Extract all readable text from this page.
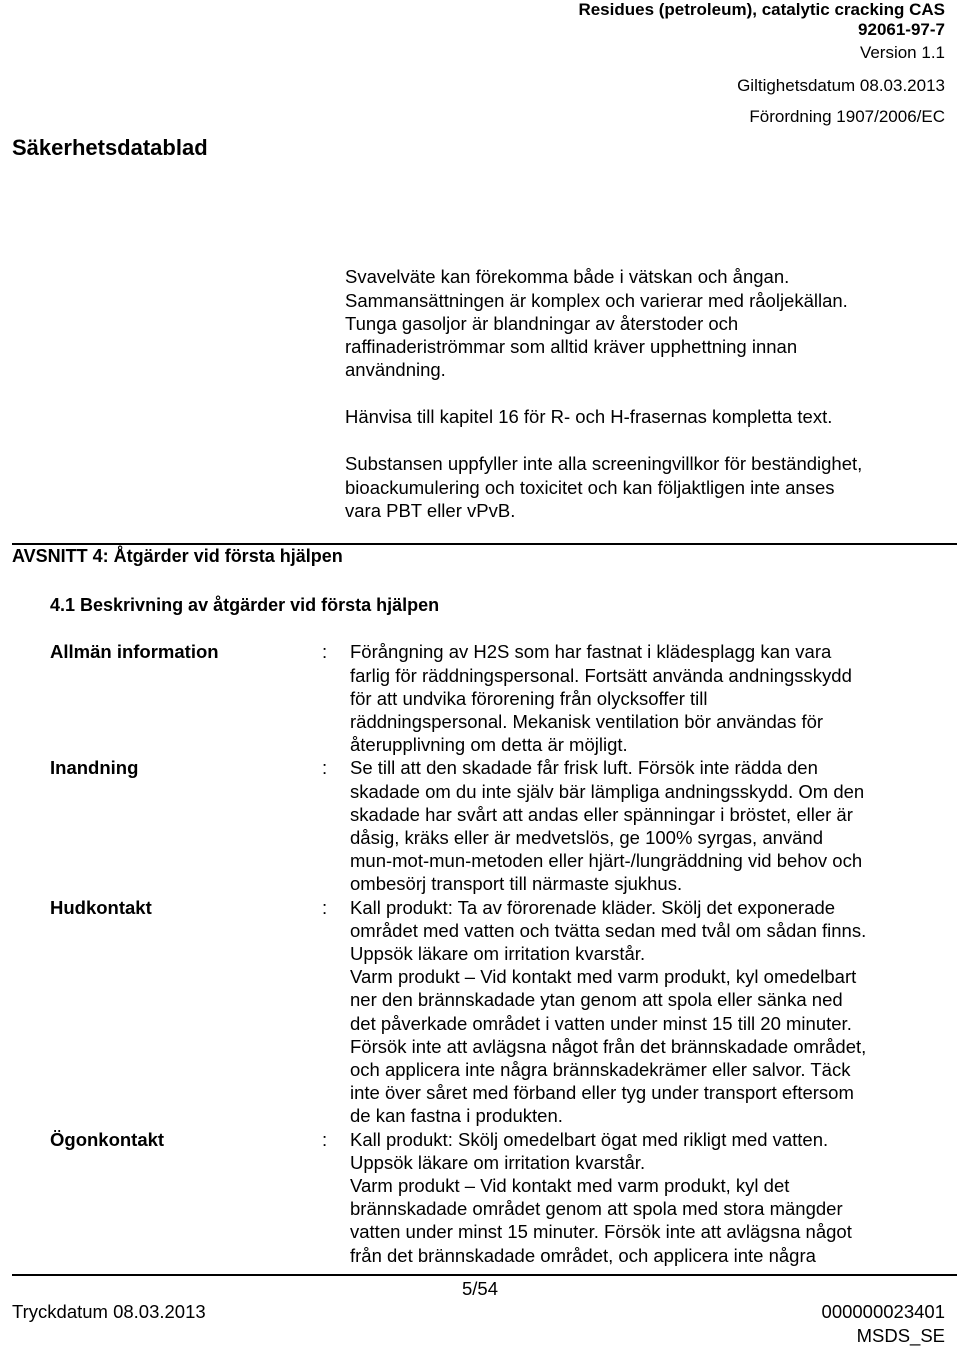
Residues (petroleum), catalytic cracking CAS
92061-97-7
Version 1.1
Giltighetsdatum 08.03.2013
Förordning 1907/2006/EC
Säkerhetsdatablad
Svavelväte kan förekomma både i vätskan och ångan.
Sammansättningen är komplex och varierar med råoljekällan.
Tunga gasoljor är blandningar av återstoder och
raffinaderiströmmar som alltid kräver upphettning innan
användning.
Hänvisa till kapitel 16 för R- och H-frasernas kompletta text.
Substansen uppfyller inte alla screeningvillkor för beständighet,
bioackumulering och toxicitet och kan följaktligen inte anses
vara PBT eller vPvB.
AVSNITT 4: Åtgärder vid första hjälpen
4.1 Beskrivning av åtgärder vid första hjälpen
Allmän information	: Förångning av H2S som har fastnat i klädesplagg kan vara
farlig för räddningspersonal. Fortsätt använda andningsskydd
för att undvika förorening från olycksoffer till
räddningspersonal. Mekanisk ventilation bör användas för
återupplivning om detta är möjligt.
Inandning	: Se till att den skadade får frisk luft. Försök inte rädda den
skadade om du inte själv bär lämpliga andningsskydd. Om den
skadade har svårt att andas eller spänningar i bröstet, eller är
dåsig, kräks eller är medvetslös, ge 100% syrgas, använd
mun-mot-mun-metoden eller hjärt-/lungräddning vid behov och
ombesörj transport till närmaste sjukhus.
Hudkontakt	: Kall produkt: Ta av förorenade kläder. Skölj det exponerade
området med vatten och tvätta sedan med tvål om sådan finns.
Uppsök läkare om irritation kvarstår.
Varm produkt – Vid kontakt med varm produkt, kyl omedelbart
ner den brännskadade ytan genom att spola eller sänka ned
det påverkade området i vatten under minst 15 till 20 minuter.
Försök inte att avlägsna något från det brännskadade området,
och applicera inte några brännskadekrämer eller salvor. Täck
inte över såret med förband eller tyg under transport eftersom
de kan fastna i produkten.
Ögonkontakt	: Kall produkt: Skölj omedelbart ögat med rikligt med vatten.
Uppsök läkare om irritation kvarstår.
Varm produkt – Vid kontakt med varm produkt, kyl det
brännskadade området genom att spola med stora mängder
vatten under minst 15 minuter. Försök inte att avlägsna något
från det brännskadade området, och applicera inte några
5/54
Tryckdatum 08.03.2013	000000023401
MSDS_SE
